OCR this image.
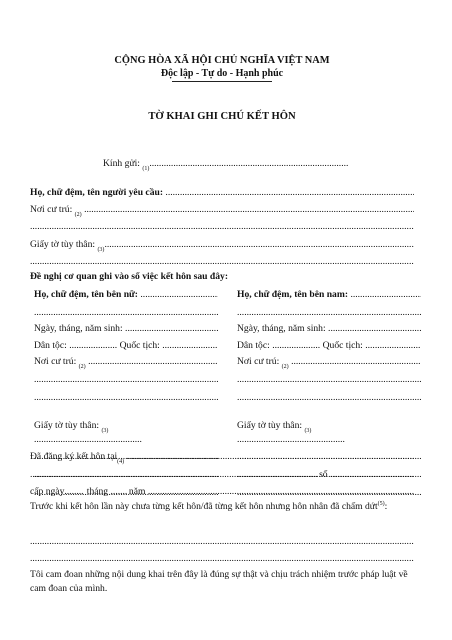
CỘNG HÒA XÃ HỘI CHỦ NGHĨA VIỆT NAM
Độc lập - Tự do - Hạnh phúc
TỜ KHAI GHI CHÚ KẾT HÔN
Kính gửi:
(1)
.....
Họ, chữ đệm, tên người yêu cầu:

.....
Nơi cư trú:
(2)

.....
.....
Giấy tờ tùy thân:
(3)
.....
.....
Đề nghị cơ quan ghi vào sổ việc kết hôn sau đây:
Họ, chữ đệm, tên bên nữ:

.....
.....
Ngày, tháng, năm sinh:

.....
Dân tộc:
.....
	Quốc tịch:

.....
Nơi cư trú:
(2)

.....
.....
.....
Giấy tờ tùy thân:
(3)
.....
.....
.....
.....
Họ, chữ đệm, tên bên nam:

.....
.....
Ngày, tháng, năm sinh:

.....
Dân tộc:
.....
	Quốc tịch:

.....
Nơi cư trú:
(2)

.....
.....
.....
Giấy tờ tùy thân:
(3)
.....
.....
.....
.....
Đã đăng ký kết hôn tại (4)

.....
.....

số

.....
cấp ngày .....
tháng
.....
năm

.....
Trước khi kết hôn lần này chưa từng kết hôn/đã từng kết hôn nhưng hôn nhân đã chấm dứt$^{(5)}$:
.....
.....
Tôi cam đoan những nội dung khai trên đây là đúng sự thật và chịu trách nhiệm trước pháp luật về cam đoan của mình.
